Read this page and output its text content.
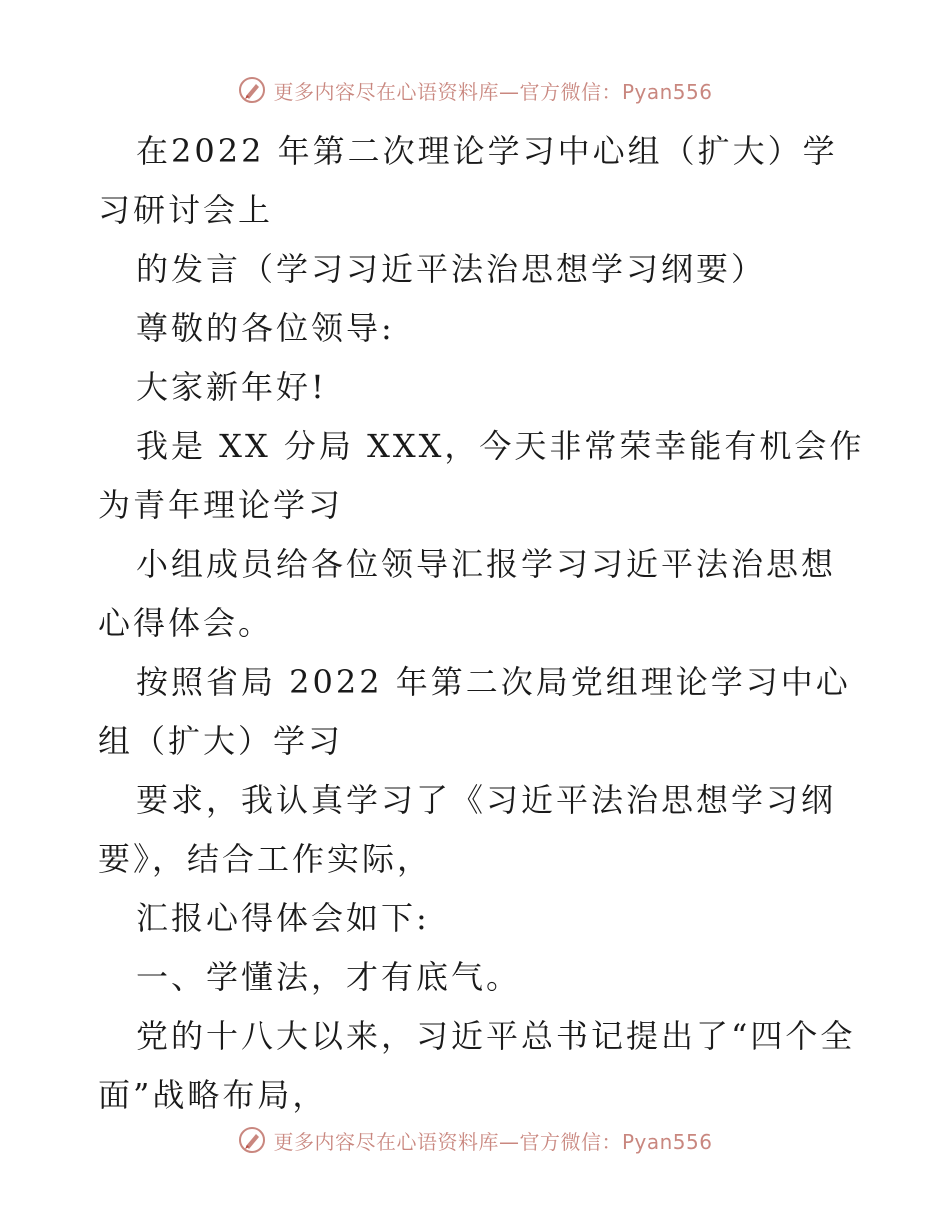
更多内容尽在心语资料库—官方微信：Pyan556

在2022 年第二次理论学习中心组（扩大）学习研讨会上

的发言（学习习近平法治思想学习纲要）

尊敬的各位领导:

大家新年好!

我是 XX 分局 XXX，今天非常荣幸能有机会作为青年理论学习

小组成员给各位领导汇报学习习近平法治思想心得体会。

按照省局 2022 年第二次局党组理论学习中心组（扩大）学习

要求，我认真学习了《习近平法治思想学习纲要》，结合工作实际，

汇报心得体会如下:

一、学懂法，才有底气。

党的十八大以来，习近平总书记提出了“四个全面”战略布局，

更多内容尽在心语资料库—官方微信：Pyan556
